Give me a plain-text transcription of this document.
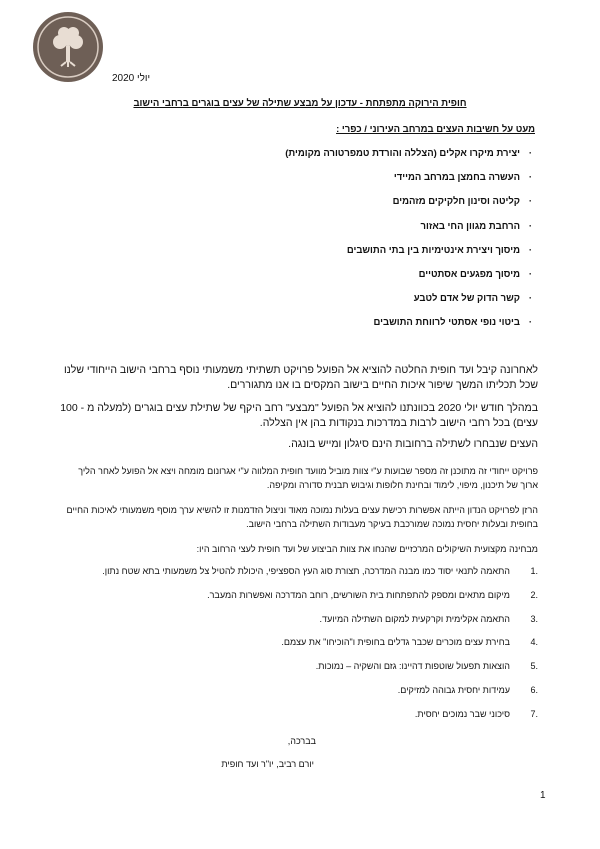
יולי 2020
חופית הירוקה מתפתחת - עדכון על מבצע שתילה של עצים בוגרים ברחבי הישוב
מעט על חשיבות העצים במרחב העירוני / כפרי :
· יצירת מיקרו אקלים (הצללה והורדת טמפרטורה מקומית)
· העשרה בחמצן במרחב המיידי
· קליטה וסינון חלקיקים מזהמים
· הרחבת מגוון החי באזור
· מיסוך ויצירת אינטימיות בין בתי התושבים
· מיסוך מפגעים אסתטיים
· קשר הדוק של אדם לטבע
· ביטוי נופי אסתטי לרווחת התושבים

לאחרונה קיבל ועד חופית החלטה להוציא אל הפועל פרויקט תשתיתי משמעותי נוסף ברחבי הישוב הייחודי שלנו שכל תכליתו המשך שיפור איכות החיים בישוב המקסים בו אנו מתגוררים.

במהלך חודש יולי 2020 בכוונתנו להוציא אל הפועל "מבצע" רחב היקף של שתילת עצים בוגרים (למעלה מ - 100 עצים) בכל רחבי הישוב לרבות במדרכות בנקודות בהן אין הצללה.

העצים שנבחרו לשתילה ברחובות הינם סיגלון ומייש בונגה.

פרויקט ייחודי זה מתוכנן זה מספר שבועות ע"י צוות מוביל מוועד חופית המלווה ע"י אגרונום מומחה ויצא אל הפועל לאחר הליך ארוך של תיכנון, מיפוי, לימוד ובחינת חלופות וגיבוש תבנית סדורה ומקיפה.

הרזן לפרויקט הנדון הייתה אפשרות רכישת עצים בעלות נמוכה מאוד וניצול הזדמנות זו להשיא ערך מוסף משמעותי לאיכות החיים בחופית ובעלות יחסית נמוכה שמורכבת בעיקר מעבודות השתילה ברחבי הישוב.

מבחינה מקצועית השיקולים המרכזיים שהנחו את צוות הביצוע של ועד חופית לעצי הרחוב היו:

.1
התאמה לתנאי יסוד כמו מבנה המדרכה, תצורת סוג העץ הספציפי, היכולת להטיל צל משמעותי בתא שטח נתון.
.2
מיקום מתאים ומספק להתפתחות בית השורשים, רוחב המדרכה ואפשרות המעבר.
.3
התאמה אקלימית וקרקעית למקום השתילה המיועד.
.4
בחירת עצים מוכרים שכבר גדלים בחופית ו"הוכיחו" את עצמם.
.5
הוצאות תפעול שוטפות דהיינו: גזם והשקיה – נמוכות.
.6
עמידות יחסית גבוהה למזיקים.
.7
סיכוני שבר נמוכים יחסית.
בברכה,
יורם רביב, יו"ר ועד חופית
1
